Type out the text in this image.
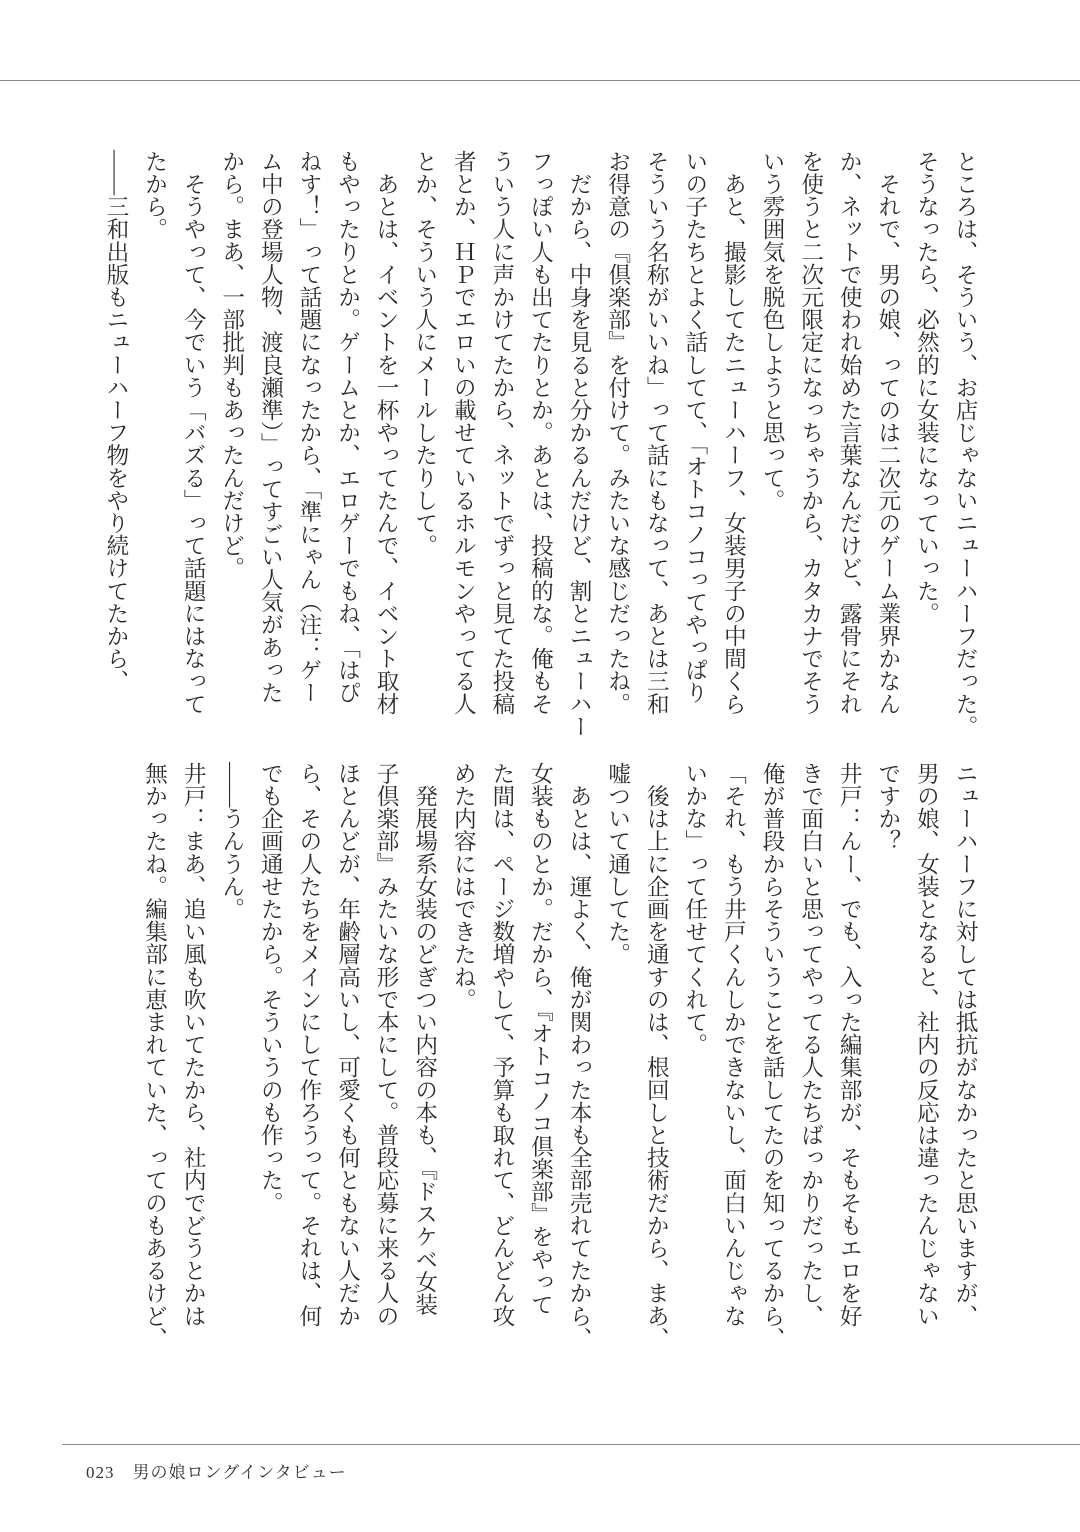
ところは、そういう、お店じゃないニューハーフだった。
そうなったら、必然的に女装になっていった。
　それで、男の娘、ってのは二次元のゲーム業界かなん
か、ネットで使われ始めた言葉なんだけど、露骨にそれ
を使うと二次元限定になっちゃうから、カタカナでそう
いう雰囲気を脱色しようと思って。
　あと、撮影してたニューハーフ、女装男子の中間くら
いの子たちとよく話してて、「オトコノコってやっぱり
そういう名称がいいね」って話にもなって、あとは三和
お得意の『倶楽部』を付けて。みたいな感じだったね。
　だから、中身を見ると分かるんだけど、割とニューハー
フっぽい人も出てたりとか。あとは、投稿的な。俺もそ
ういう人に声かけてたから、ネットでずっと見てた投稿
者とか、ＨＰでエロいの載せているホルモンやってる人
とか、そういう人にメールしたりして。
　あとは、イベントを一杯やってたんで、イベント取材
もやったりとか。ゲームとか、エロゲーでもね、「はぴ
ねす！」って話題になったから、「準にゃん（注：ゲー
ム中の登場人物、渡良瀬準）」ってすごい人気があった
から。まあ、一部批判もあったんだけど。
　そうやって、今でいう「バズる」って話題にはなって
たから。
――三和出版もニューハーフ物をやり続けてたから、
ニューハーフに対しては抵抗がなかったと思いますが、
男の娘、女装となると、社内の反応は違ったんじゃない
ですか？
井戸：んー、でも、入った編集部が、そもそもエロを好
きで面白いと思ってやってる人たちばっかりだったし、
俺が普段からそういうことを話してたのを知ってるから、
「それ、もう井戸くんしかできないし、面白いんじゃな
いかな」って任せてくれて。
　後は上に企画を通すのは、根回しと技術だから、まあ、
嘘ついて通してた。
　あとは、運よく、俺が関わった本も全部売れてたから、
女装ものとか。だから、『オトコノコ倶楽部』をやって
た間は、ページ数増やして、予算も取れて、どんどん攻
めた内容にはできたね。
　発展場系女装のどぎつい内容の本も、『ドスケベ女装
子倶楽部』みたいな形で本にして。普段応募に来る人の
ほとんどが、年齢層高いし、可愛くも何ともない人だか
ら、その人たちをメインにして作ろうって。それは、何
でも企画通せたから。そういうのも作った。
――うんうん。
井戸：まあ、追い風も吹いてたから、社内でどうとかは
無かったね。編集部に恵まれていた、ってのもあるけど、
023 男の娘ロングインタビュー
